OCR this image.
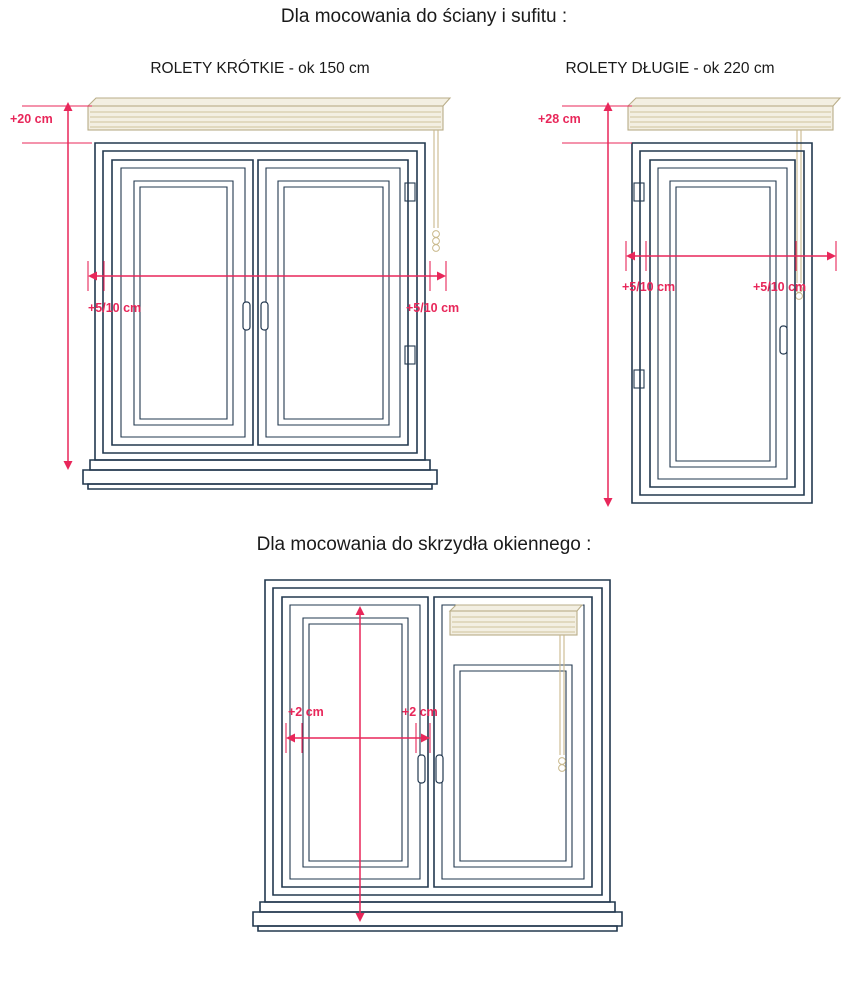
Dla mocowania do ściany i sufitu :
ROLETY KRÓTKIE - ok 150 cm	ROLETY DŁUGIE - ok 220 cm
+20 cm
+5/10 cm	+5/10 cm
+28 cm
+5/10 cm	+5/10 cm
Dla mocowania do skrzydła okiennego :
+2 cm	+2 cm
